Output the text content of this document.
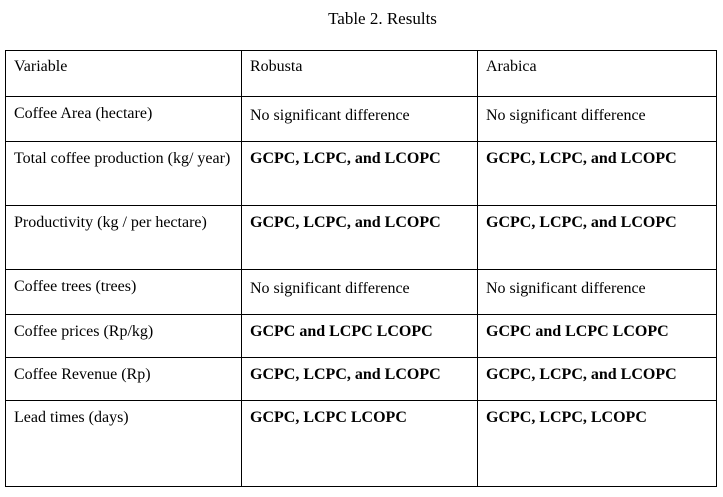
Table 2. Results
Variable	Robusta	Arabica

Coffee Area (hectare)	No significant difference	No significant difference

Total coffee production (kg/ year)	GCPC, LCPC, and LCOPC	GCPC, LCPC, and LCOPC

Productivity (kg / per hectare)	GCPC, LCPC, and LCOPC	GCPC, LCPC, and LCOPC

Coffee trees (trees)	No significant difference	No significant difference

Coffee prices (Rp/kg)	GCPC and LCPC LCOPC	GCPC and LCPC LCOPC

Coffee Revenue (Rp)	GCPC, LCPC, and LCOPC	GCPC, LCPC, and LCOPC

Lead times (days)	GCPC, LCPC LCOPC	GCPC, LCPC, LCOPC
